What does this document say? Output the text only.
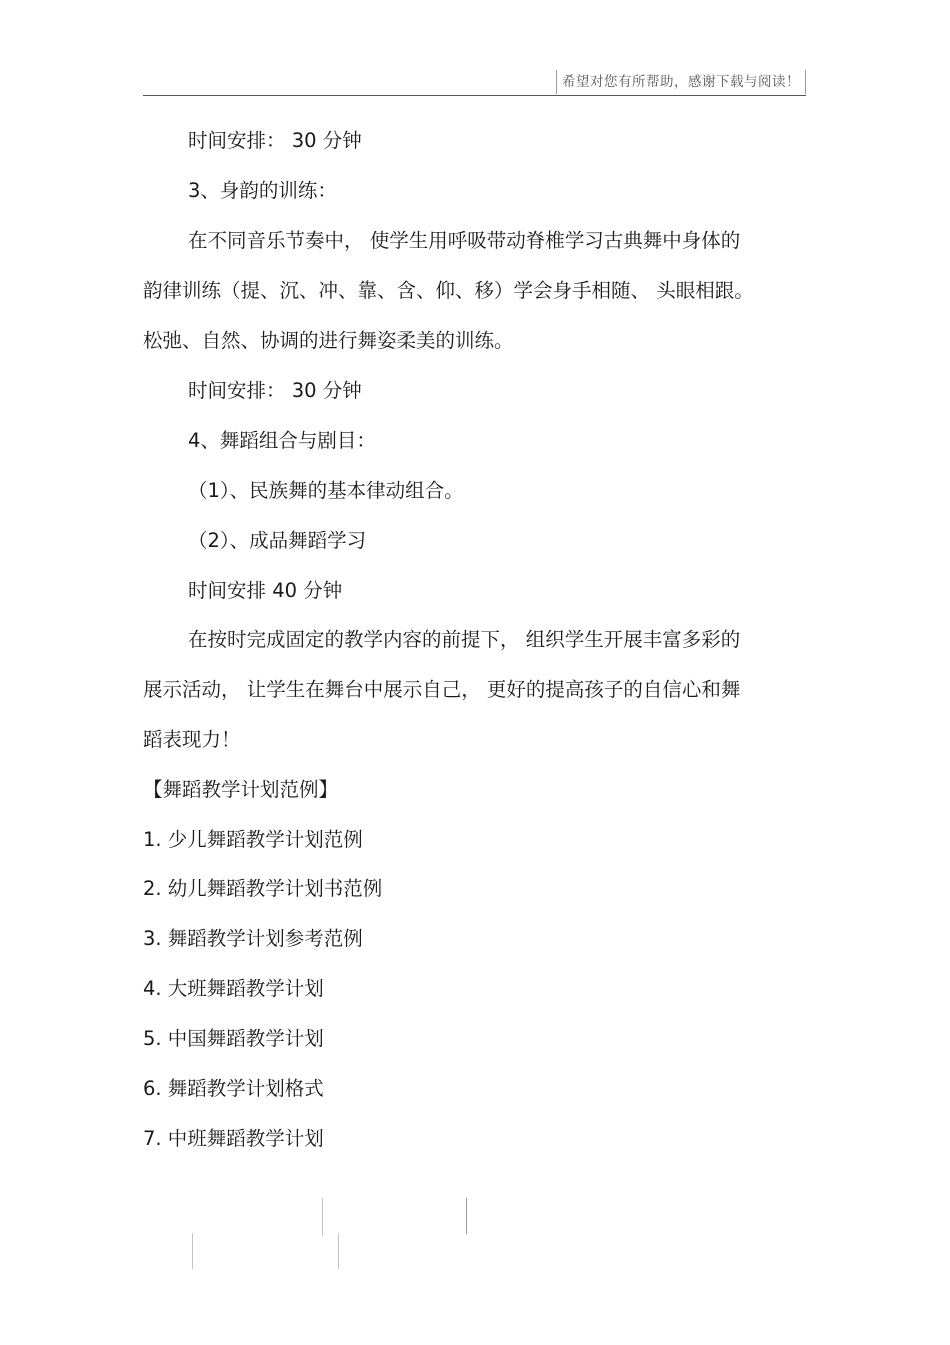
希望对您有所帮助，感谢下载与阅读！
时间安排： 30 分钟
3、身韵的训练：
在不同音乐节奏中， 使学生用呼吸带动脊椎学习古典舞中身体的
韵律训练（提、沉、冲、靠、含、仰、移）学会身手相随、 头眼相跟。
松弛、自然、协调的进行舞姿柔美的训练。
时间安排： 30 分钟
4、舞蹈组合与剧目：
（1）、民族舞的基本律动组合。
（2）、成品舞蹈学习
时间安排 40 分钟
在按时完成固定的教学内容的前提下， 组织学生开展丰富多彩的
展示活动， 让学生在舞台中展示自己， 更好的提高孩子的自信心和舞
蹈表现力！
【舞蹈教学计划范例】
1. 少儿舞蹈教学计划范例
2. 幼儿舞蹈教学计划书范例
3. 舞蹈教学计划参考范例
4. 大班舞蹈教学计划
5. 中国舞蹈教学计划
6. 舞蹈教学计划格式
7. 中班舞蹈教学计划
